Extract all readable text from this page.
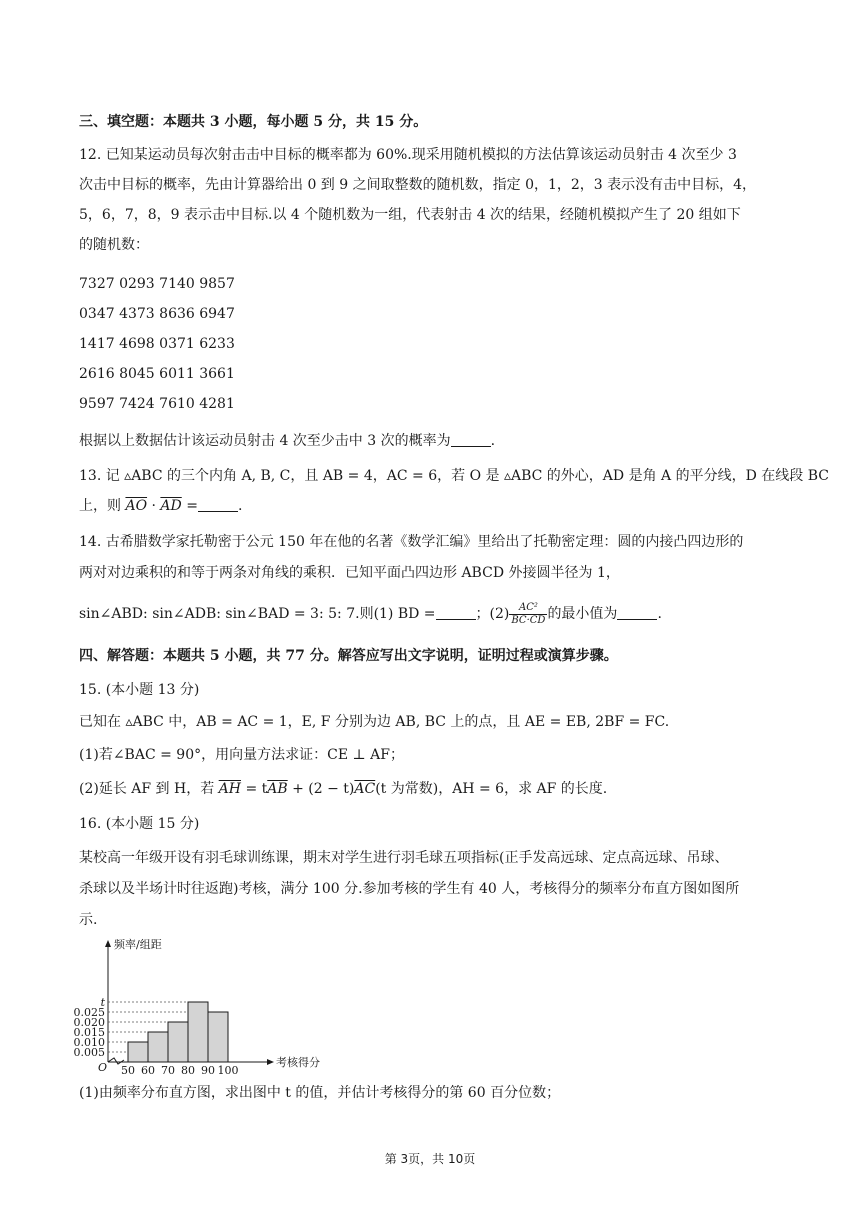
三、填空题：本题共 3 小题，每小题 5 分，共 15 分。
12. 已知某运动员每次射击击中目标的概率都为 60%.现采用随机模拟的方法估算该运动员射击 4 次至少 3
次击中目标的概率，先由计算器给出 0 到 9 之间取整数的随机数，指定 0，1，2，3 表示没有击中目标，4，
5，6，7，8，9 表示击中目标.以 4 个随机数为一组，代表射击 4 次的结果，经随机模拟产生了 20 组如下
的随机数：
7327 0293 7140 9857
0347 4373 8636 6947
1417 4698 0371 6233
2616 8045 6011 3661
9597 7424 7610 4281
根据以上数据估计该运动员射击 4 次至少击中 3 次的概率为	.
13. 记 ▵ABC 的三个内角 A, B, C，且 AB = 4，AC = 6，若 O 是 ▵ABC 的外心，AD 是角 A 的平分线，D 在线段 BC
上，则 $\overline{AO} \cdot \overline{AD}$ =	.
14. 古希腊数学家托勒密于公元 150 年在他的名著《数学汇编》里给出了托勒密定理：圆的内接凸四边形的
两对对边乘积的和等于两条对角线的乘积．已知平面凸四边形 ABCD 外接圆半径为 1，
sin∠ABD: sin∠ADB: sin∠BAD = 3: 5: 7.则(1) BD =	；$(2) \frac{\text{AC²}}{BC\cdot CD}$ 的最小值为	.
四、解答题：本题共 5 小题，共 77 分。解答应写出文字说明，证明过程或演算步骤。
15. (本小题 13 分)
已知在 ▵ABC 中，AB = AC = 1，E, F 分别为边 AB, BC 上的点，且 AE = EB, 2BF = FC.
(1)若∠BAC = 90°，用向量方法求证：CE ⊥ AF；
(2)延长 AF 到 H，若 $\overline{AH} = t\overline{AB} + (2 - t)\overline{AC}(t$ 为常数)，AH = 6，求 AF 的长度.
16. (本小题 15 分)
某校高一年级开设有羽毛球训练课，期末对学生进行羽毛球五项指标(正手发高远球、定点高远球、吊球、
杀球以及半场计时往返跑)考核，满分 100 分.参加考核的学生有 40 人，考核得分的频率分布直方图如图所
示.
频率/组距
考核得分
O
0.005
0.010
0.015
0.020
0.025
t
50 60 70 80 90 100
(1)由频率分布直方图，求出图中 t 的值，并估计考核得分的第 60 百分位数；
第 3页，共 10页
